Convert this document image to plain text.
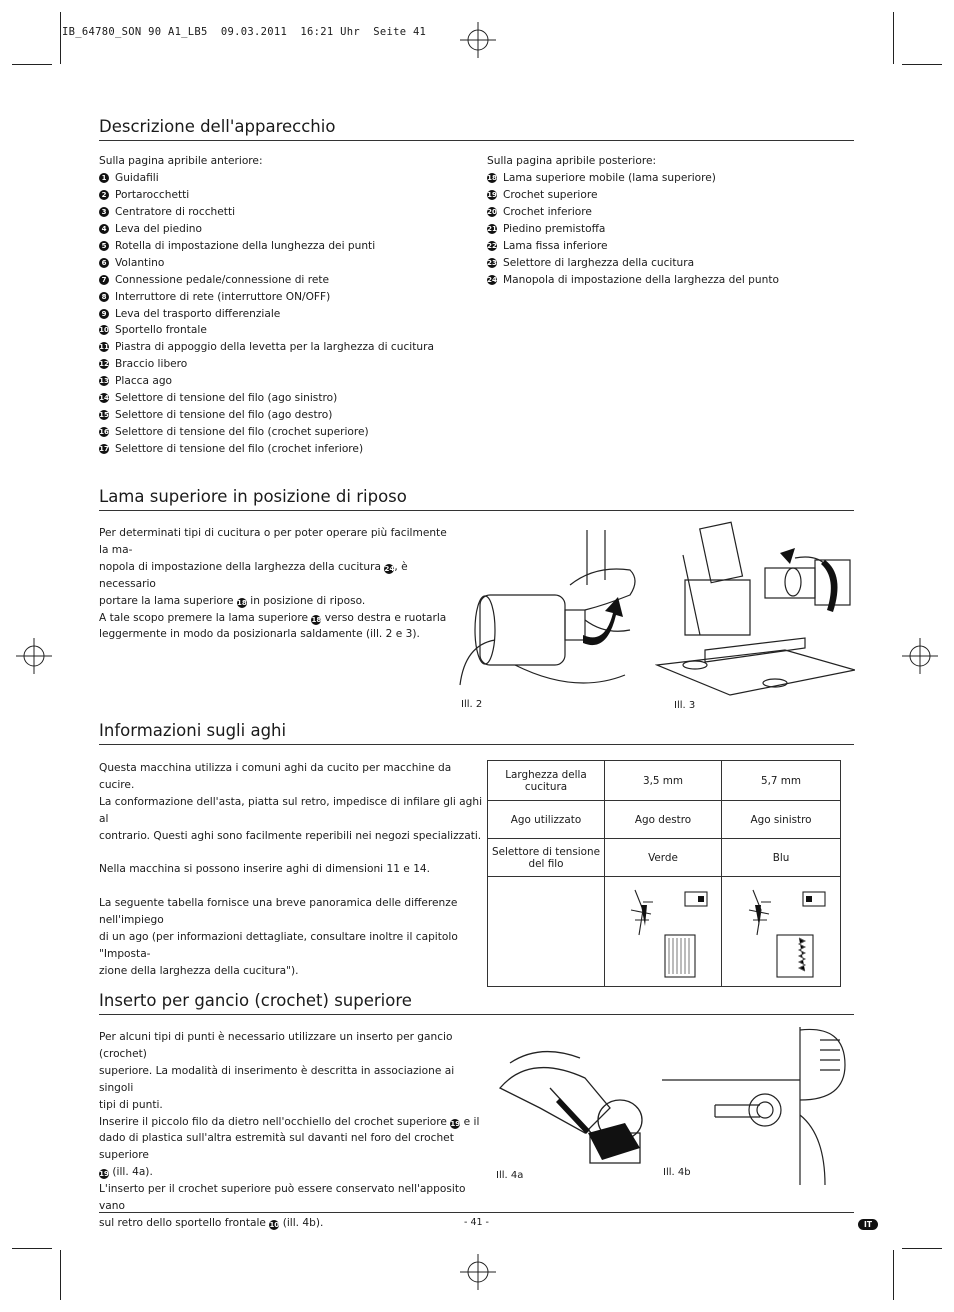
IB_64780_SON 90 A1_LB5  09.03.2011  16:21 Uhr  Seite 41
Descrizione dell'apparecchio
Sulla pagina apribile anteriore:
1 Guidafili
2 Portarocchetti
3 Centratore di rocchetti
4 Leva del piedino
5 Rotella di impostazione della lunghezza dei punti
6 Volantino
7 Connessione pedale/connessione di rete
8 Interruttore di rete (interruttore ON/OFF)
9 Leva del trasporto differenziale
10 Sportello frontale
11 Piastra di appoggio della levetta per la larghezza di cucitura
12 Braccio libero
13 Placca ago
14 Selettore di tensione del filo (ago sinistro)
15 Selettore di tensione del filo (ago destro)
16 Selettore di tensione del filo (crochet superiore)
17 Selettore di tensione del filo (crochet inferiore)
Sulla pagina apribile posteriore:
18 Lama superiore mobile (lama superiore)
19 Crochet superiore
20 Crochet inferiore
21 Piedino premistoffa
22 Lama fissa inferiore
23 Selettore di larghezza della cucitura
24 Manopola di impostazione della larghezza del punto
Lama superiore in posizione di riposo
Per determinati tipi di cucitura o per poter operare più facilmente la ma-
nopola di impostazione della larghezza della cucitura 24, è necessario
portare la lama superiore 18 in posizione di riposo.
A tale scopo premere la lama superiore 18 verso destra e ruotarla
leggermente in modo da posizionarla saldamente (ill. 2 e 3).
Ill. 2	Ill. 3
Informazioni sugli aghi
Questa macchina utilizza i comuni aghi da cucito per macchine da cucire.
La conformazione dell'asta, piatta sul retro, impedisce di infilare gli aghi al
contrario. Questi aghi sono facilmente reperibili nei negozi specializzati.
Nella macchina si possono inserire aghi di dimensioni 11 e 14.
La seguente tabella fornisce una breve panoramica delle differenze nell'impiego
di un ago (per informazioni dettagliate, consultare inoltre il capitolo "Imposta-
zione della larghezza della cucitura").
Larghezza della cucitura	3,5 mm	5,7 mm
Ago utilizzato	Ago destro	Ago sinistro
Selettore di tensione del filo	Verde	Blu

Inserto per gancio (crochet) superiore
Per alcuni tipi di punti è necessario utilizzare un inserto per gancio (crochet)
superiore. La modalità di inserimento è descritta in associazione ai singoli
tipi di punti.
Inserire il piccolo filo da dietro nell'occhiello del crochet superiore 19 e il
dado di plastica sull'altra estremità sul davanti nel foro del crochet superiore
19 (ill. 4a).
L'inserto per il crochet superiore può essere conservato nell'apposito vano
sul retro dello sportello frontale 10 (ill. 4b).
Ill. 4a	Ill. 4b
- 41 -	IT
